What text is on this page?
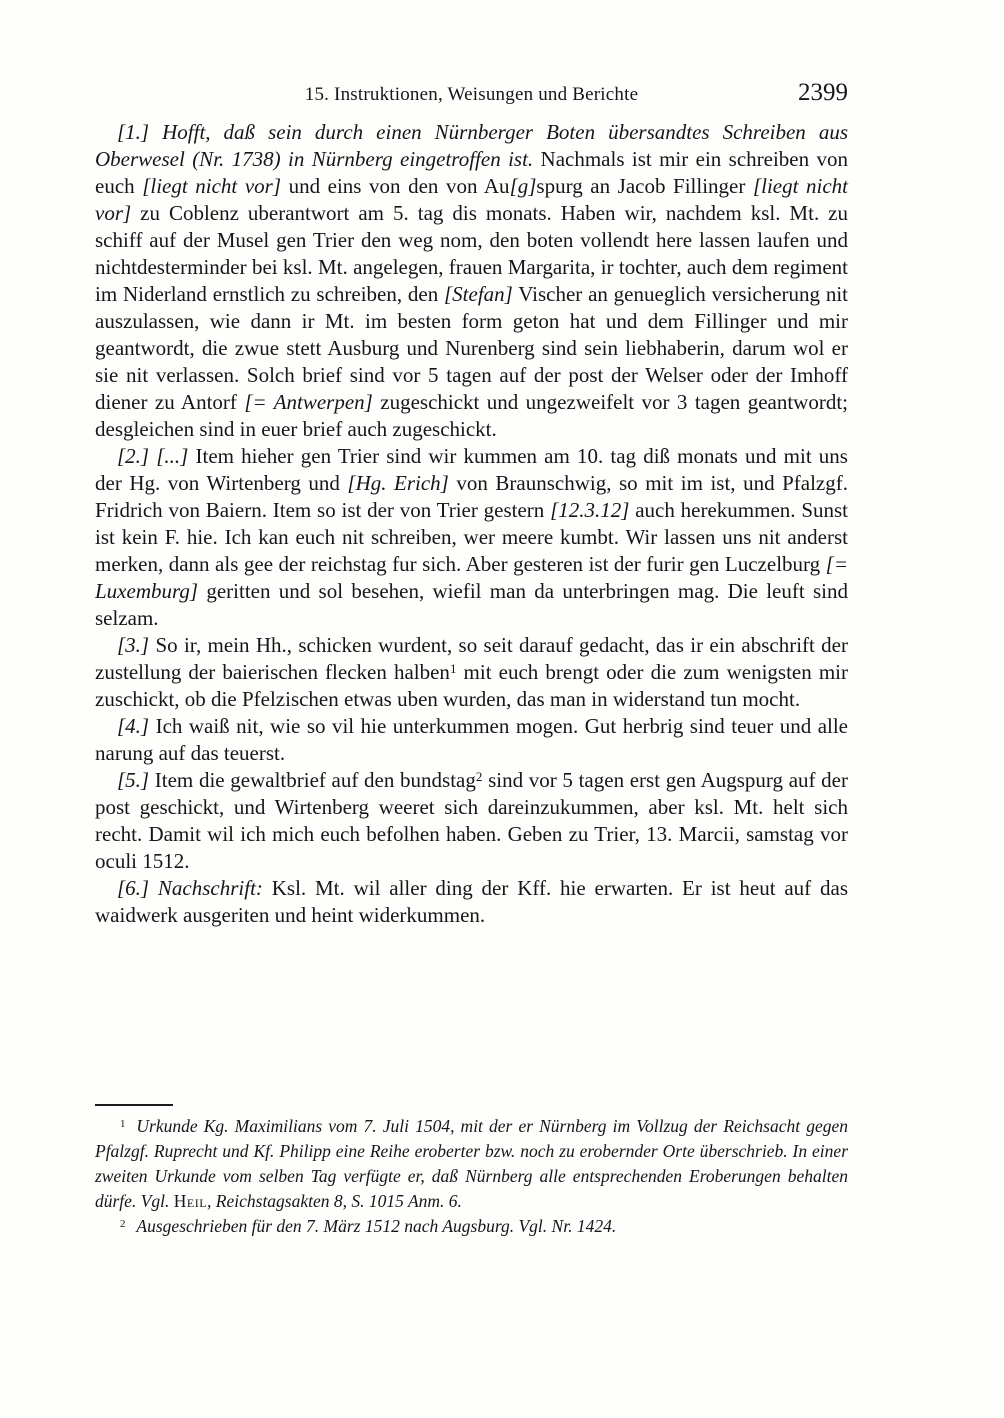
15. Instruktionen, Weisungen und Berichte	2399

[1.] Hofft, daß sein durch einen Nürnberger Boten übersandtes Schreiben aus Oberwesel (Nr. 1738) in Nürnberg eingetroffen ist. Nachmals ist mir ein schreiben von euch [liegt nicht vor] und eins von den von Au[g]spurg an Jacob Fillinger [liegt nicht vor] zu Coblenz uberantwort am 5. tag dis monats. Haben wir, nachdem ksl. Mt. zu schiff auf der Musel gen Trier den weg nom, den boten vollendt here lassen laufen und nichtdesterminder bei ksl. Mt. angelegen, frauen Margarita, ir tochter, auch dem regiment im Niderland ernstlich zu schreiben, den [Stefan] Vischer an genueglich versicherung nit auszulassen, wie dann ir Mt. im besten form geton hat und dem Fillinger und mir geantwordt, die zwue stett Ausburg und Nurenberg sind sein liebhaberin, darum wol er sie nit verlassen. Solch brief sind vor 5 tagen auf der post der Welser oder der Imhoff diener zu Antorf [= Antwerpen] zugeschickt und ungezweifelt vor 3 tagen geantwordt; desgleichen sind in euer brief auch zugeschickt.

[2.] [...] Item hieher gen Trier sind wir kummen am 10. tag diß monats und mit uns der Hg. von Wirtenberg und [Hg. Erich] von Braunschwig, so mit im ist, und Pfalzgf. Fridrich von Baiern. Item so ist der von Trier gestern [12.3.12] auch herekummen. Sunst ist kein F. hie. Ich kan euch nit schreiben, wer meere kumbt. Wir lassen uns nit anderst merken, dann als gee der reichstag fur sich. Aber gesteren ist der furir gen Luczelburg [= Luxemburg] geritten und sol besehen, wiefil man da unterbringen mag. Die leuft sind selzam.

[3.] So ir, mein Hh., schicken wurdent, so seit darauf gedacht, das ir ein abschrift der zustellung der baierischen flecken halben$^1$ mit euch brengt oder die zum wenigsten mir zuschickt, ob die Pfelzischen etwas uben wurden, das man in widerstand tun mocht.

[4.] Ich waiß nit, wie so vil hie unterkummen mogen. Gut herbrig sind teuer und alle narung auf das teuerst.

[5.] Item die gewaltbrief auf den bundstag$^2$ sind vor 5 tagen erst gen Augspurg auf der post geschickt, und Wirtenberg weeret sich dareinzukummen, aber ksl. Mt. helt sich recht. Damit wil ich mich euch befolhen haben. Geben zu Trier, 13. Marcii, samstag vor oculi 1512.

[6.] Nachschrift: Ksl. Mt. wil aller ding der Kff. hie erwarten. Er ist heut auf das waidwerk ausgeriten und heint widerkummen.

$^1$ Urkunde Kg. Maximilians vom 7. Juli 1504, mit der er Nürnberg im Vollzug der Reichsacht gegen Pfalzgf. Ruprecht und Kf. Philipp eine Reihe eroberter bzw. noch zu erobernder Orte überschrieb. In einer zweiten Urkunde vom selben Tag verfügte er, daß Nürnberg alle entsprechenden Eroberungen behalten dürfe. Vgl. Heil, Reichstagsakten 8, S. 1015 Anm. 6.

$^2$ Ausgeschrieben für den 7. März 1512 nach Augsburg. Vgl. Nr. 1424.
